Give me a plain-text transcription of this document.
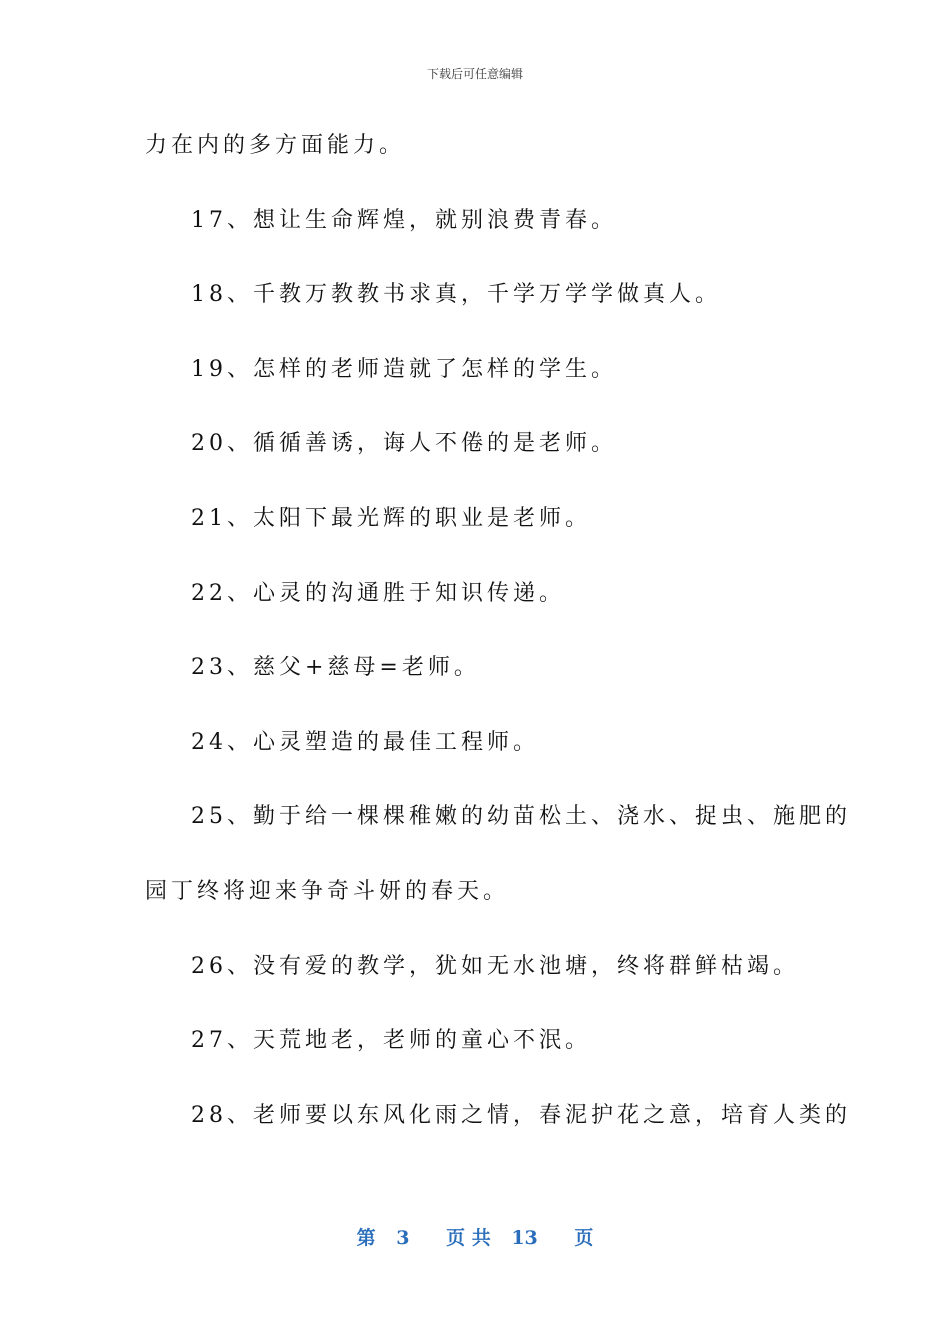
下载后可任意编辑
力在内的多方面能力。
17、想让生命辉煌，就别浪费青春。
18、千教万教教书求真，千学万学学做真人。
19、怎样的老师造就了怎样的学生。
20、循循善诱，诲人不倦的是老师。
21、太阳下最光辉的职业是老师。
22、心灵的沟通胜于知识传递。
23、慈父+慈母=老师。
24、心灵塑造的最佳工程师。
25、勤于给一棵棵稚嫩的幼苗松土、浇水、捉虫、施肥的
园丁终将迎来争奇斗妍的春天。
26、没有爱的教学，犹如无水池塘，终将群鲜枯竭。
27、天荒地老，老师的童心不泯。
28、老师要以东风化雨之情，春泥护花之意，培育人类的
第 3 页 共 13 页
